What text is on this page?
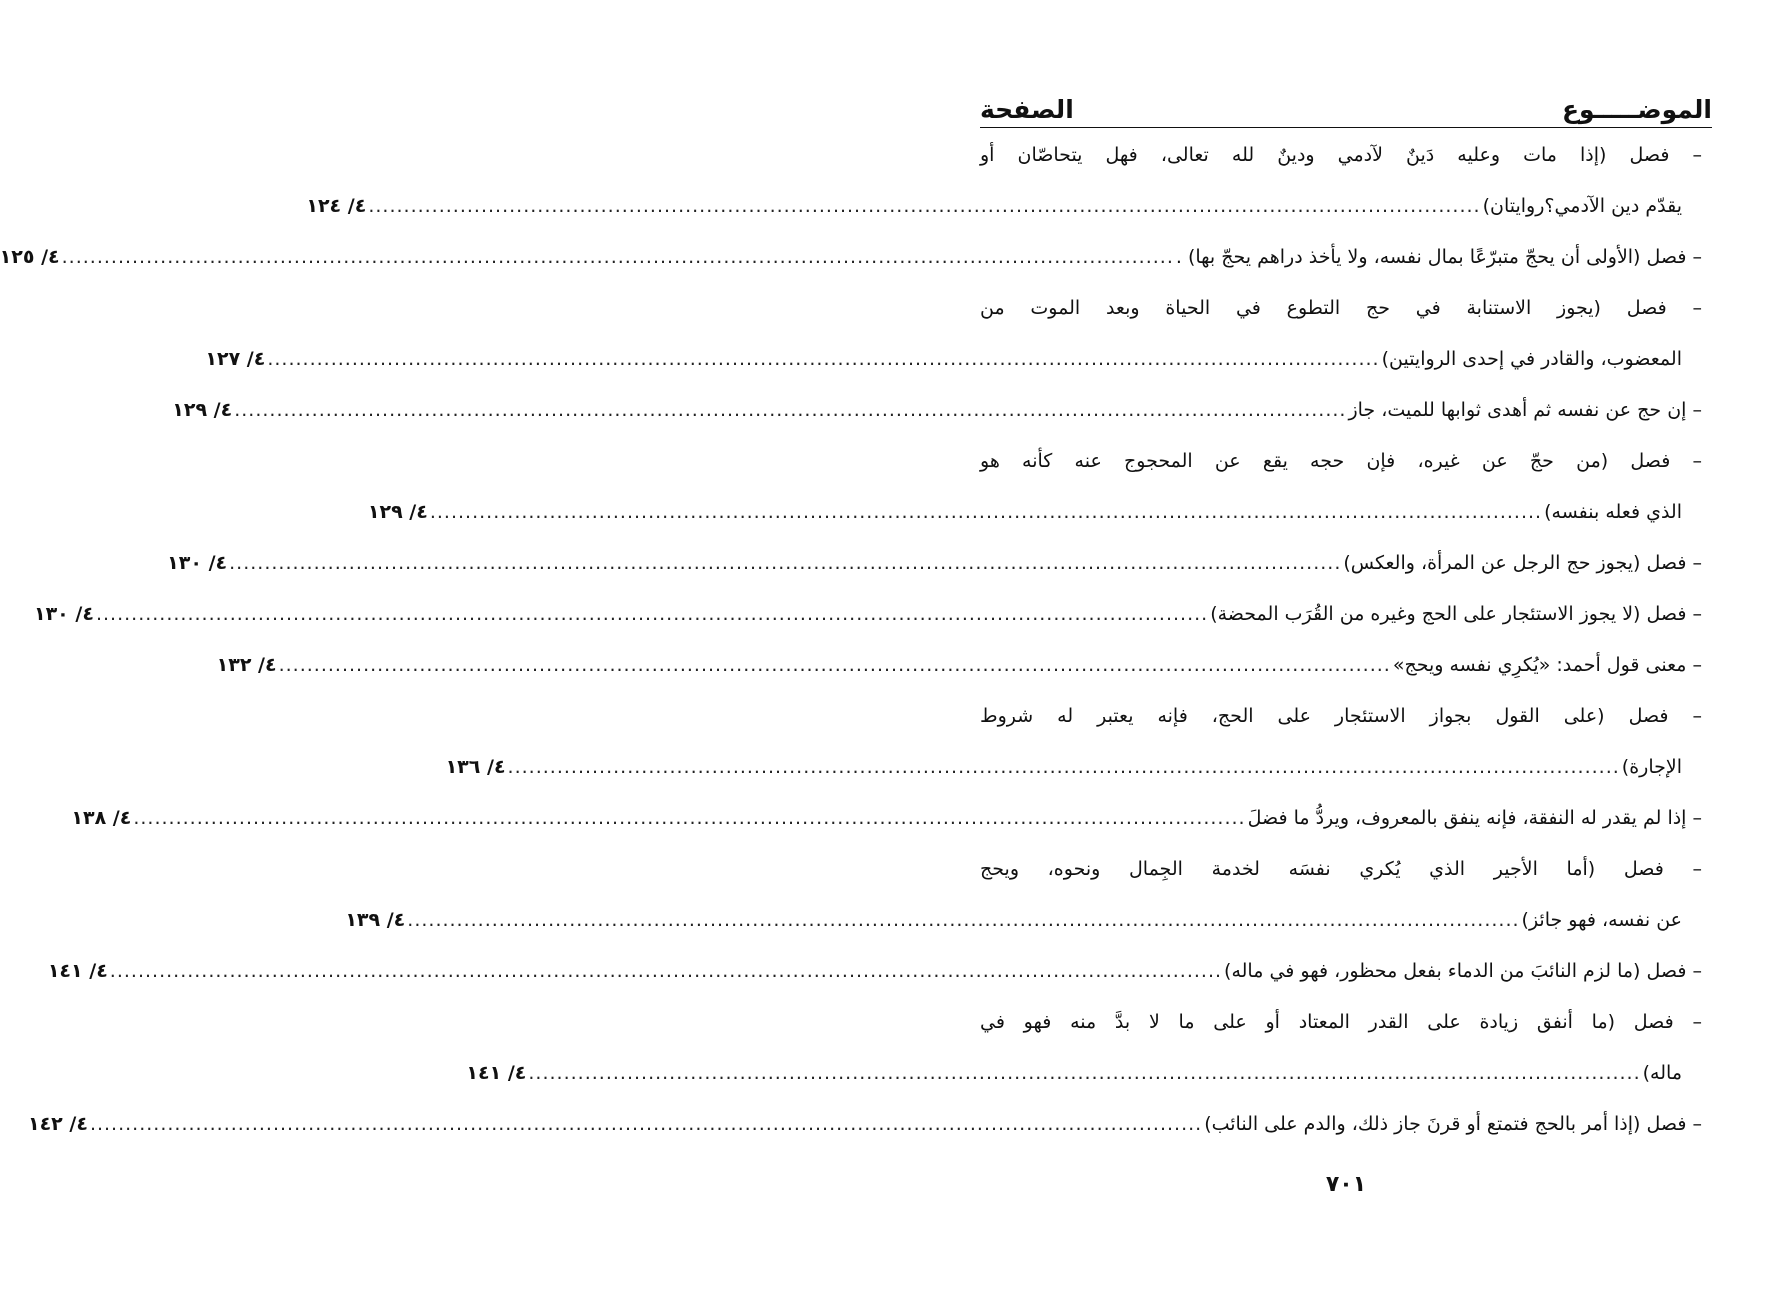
الموضـــــوع
الصفحة
– فصل (إذا مات وعليه دَينٌ لآدمي ودينٌ لله تعالى، فهل يتحاصّان أو
يقدّم دين الآدمي؟روايتان)
..............................................................................................................................................................
٤/ ١٢٤
– فصل (الأولى أن يحجّ متبرّعًا بمال نفسه، ولا يأخذ دراهم يحجّ بها) .
..............................................................................................................................................................
٤/ ١٢٥
– فصل (يجوز الاستنابة في حج التطوع في الحياة وبعد الموت من
المعضوب، والقادر في إحدى الروايتين)
..............................................................................................................................................................
٤/ ١٢٧
– إن حج عن نفسه ثم أهدى ثوابها للميت، جاز
..............................................................................................................................................................
٤/ ١٢٩
– فصل (من حجّ عن غيره، فإن حجه يقع عن المحجوج عنه كأنه هو
الذي فعله بنفسه)
..............................................................................................................................................................
٤/ ١٢٩
– فصل (يجوز حج الرجل عن المرأة، والعكس)
..............................................................................................................................................................
٤/ ١٣٠
– فصل (لا يجوز الاستئجار على الحج وغيره من القُرَب المحضة)
..............................................................................................................................................................
٤/ ١٣٠
– معنى قول أحمد: «يُكرِي نفسه ويحج»
..............................................................................................................................................................
٤/ ١٣٢
– فصل (على القول بجواز الاستئجار على الحج، فإنه يعتبر له شروط
الإجارة)
..............................................................................................................................................................
٤/ ١٣٦
– إذا لم يقدر له النفقة، فإنه ينفق بالمعروف، ويردُّ ما فضلَ
..............................................................................................................................................................
٤/ ١٣٨
– فصل (أما الأجير الذي يُكري نفسَه لخدمة الجِمال ونحوه، ويحج
عن نفسه، فهو جائز)
..............................................................................................................................................................
٤/ ١٣٩
– فصل (ما لزم النائبَ من الدماء بفعل محظور، فهو في ماله)
..............................................................................................................................................................
٤/ ١٤١
– فصل (ما أنفق زيادة على القدر المعتاد أو على ما لا بدَّ منه فهو في
ماله)
..............................................................................................................................................................
٤/ ١٤١
– فصل (إذا أمر بالحج فتمتع أو قرنَ جاز ذلك، والدم على النائب)
..............................................................................................................................................................
٤/ ١٤٢
٧٠١
